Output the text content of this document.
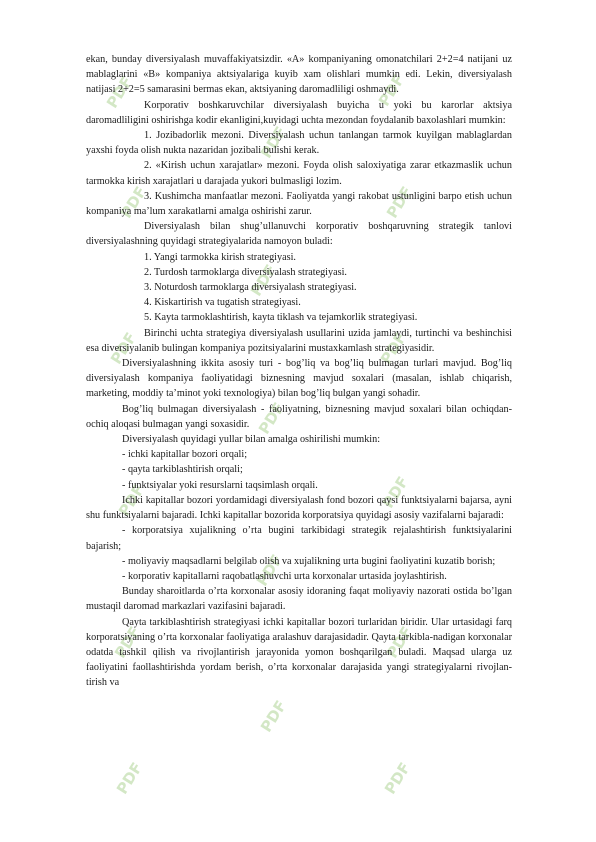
PDF	PDF
PDF
PDF	PDF
PDF
PDF	PDF
PDF
PDF	PDF
PDF
PDF	PDF
PDF
PDF	PDF

ekan, bunday diversiyalash muvaffakiyatsizdir. «A» kompaniyaning omonatchilari 2+2=4 natijani uz mablaglarini «B» kompaniya aktsiyalariga kuyib xam olishlari mumkin edi. Lekin, diversiyalash natijasi 2+2=5 samarasini bermas ekan, aktsiyaning daromadliligi oshmaydi.

Korporativ boshkaruvchilar diversiyalash buyicha u yoki bu karorlar aktsiya daromadliligini oshirishga kodir ekanligini,kuyidagi uchta mezondan foydalanib baxolashlari mumkin:

1. Jozibadorlik mezoni. Diversiyalash uchun tanlangan tarmok kuyilgan mablaglardan yaxshi foyda olish nukta nazaridan jozibali bulishi kerak.

2. «Kirish uchun xarajatlar» mezoni. Foyda olish saloxiyatiga zarar etkazmaslik uchun tarmokka kirish xarajatlari u darajada yukori bulmasligi lozim.

3. Kushimcha manfaatlar mezoni. Faoliyatda yangi rakobat ustunligini barpo etish uchun kompaniya ma’lum xarakatlarni amalga oshirishi zarur.

Diversiyalash bilan shug’ullanuvchi korporativ boshqaruvning strategik tanlovi diversiyalashning quyidagi strategiyalarida namoyon buladi:

1. Yangi tarmokka kirish strategiyasi.

2. Turdosh tarmoklarga diversiyalash strategiyasi.

3. Noturdosh tarmoklarga diversiyalash strategiyasi.

4. Kiskartirish va tugatish strategiyasi.

5. Kayta tarmoklashtirish, kayta tiklash va tejamkorlik strategiyasi.

Birinchi uchta strategiya diversiyalash usullarini uzida jamlaydi, turtinchi va beshinchisi esa diversiyalanib bulingan kompaniya pozitsiyalarini mustaxkamlash strategiyasidir.

Diversiyalashning ikkita asosiy turi - bog’liq va bog’liq bulmagan turlari mavjud. Bog’liq diversiyalash kompaniya faoliyatidagi biznesning mavjud soxalari (masalan, ishlab chiqarish, marketing, moddiy ta’minot yoki texnologiya) bilan bog’liq bulgan yangi sohadir.

Bog’liq bulmagan diversiyalash - faoliyatning, biznesning mavjud soxalari bilan ochiqdan-ochiq aloqasi bulmagan yangi soxasidir.

Diversiyalash quyidagi yullar bilan amalga oshirilishi mumkin:

- ichki kapitallar bozori orqali;

- qayta tarkiblashtirish orqali;

- funktsiyalar yoki resurslarni taqsimlash orqali.

Ichki kapitallar bozori yordamidagi diversiyalash fond bozori qaysi funktsiyalarni bajarsa, ayni shu funktsiyalarni bajaradi. Ichki kapitallar bozorida korporatsiya quyidagi asosiy vazifalarni bajaradi:

- korporatsiya xujalikning o’rta bugini tarkibidagi strategik rejalashtirish funktsiyalarini bajarish;

- moliyaviy maqsadlarni belgilab olish va xujalikning urta bugini faoliyatini kuzatib borish;

- korporativ kapitallarni raqobatlashuvchi urta korxonalar urtasida joylashtirish.

Bunday sharoitlarda o’rta korxonalar asosiy idoraning faqat moliyaviy nazorati ostida bo’lgan mustaqil daromad markazlari vazifasini bajaradi.

Qayta tarkiblashtirish strategiyasi ichki kapitallar bozori turlaridan biridir. Ular urtasidagi farq korporatsiyaning o’rta korxonalar faoliyatiga aralashuv darajasidadir. Qayta tarkibla-nadigan korxonalar odatda tashkil qilish va rivojlantirish jarayonida yomon boshqarilgan buladi. Maqsad ularga uz faoliyatini faollashtirishda yordam berish, o’rta korxonalar darajasida yangi strategiyalarni rivojlan-tirish va
